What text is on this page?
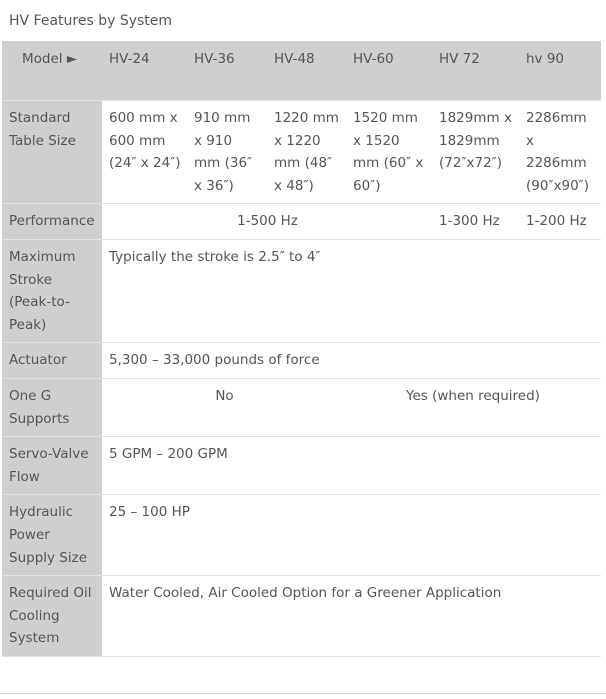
HV Features by System
Model ►	HV-24	HV-36	HV-48	HV-60	HV 72	hv 90
Standard Table Size	600 mm x 600 mm (24″ x 24″)	910 mm x 910 mm (36″ x 36″)	1220 mm x 1220 mm (48″ x 48″)	1520 mm x 1520 mm (60″ x 60″)	1829mm x 1829mm (72″x72″)	2286mm x 2286mm (90″x90″)
Performance	1-500 Hz				1-300 Hz	1-200 Hz
Maximum Stroke (Peak-to-Peak)	Typically the stroke is 2.5″ to 4″					
Actuator	5,300 – 33,000 pounds of force					
One G Supports	No			Yes (when required)		
Servo-Valve Flow	5 GPM – 200 GPM					
Hydraulic Power Supply Size	25 – 100 HP					
Required Oil Cooling System	Water Cooled, Air Cooled Option for a Greener Application					
